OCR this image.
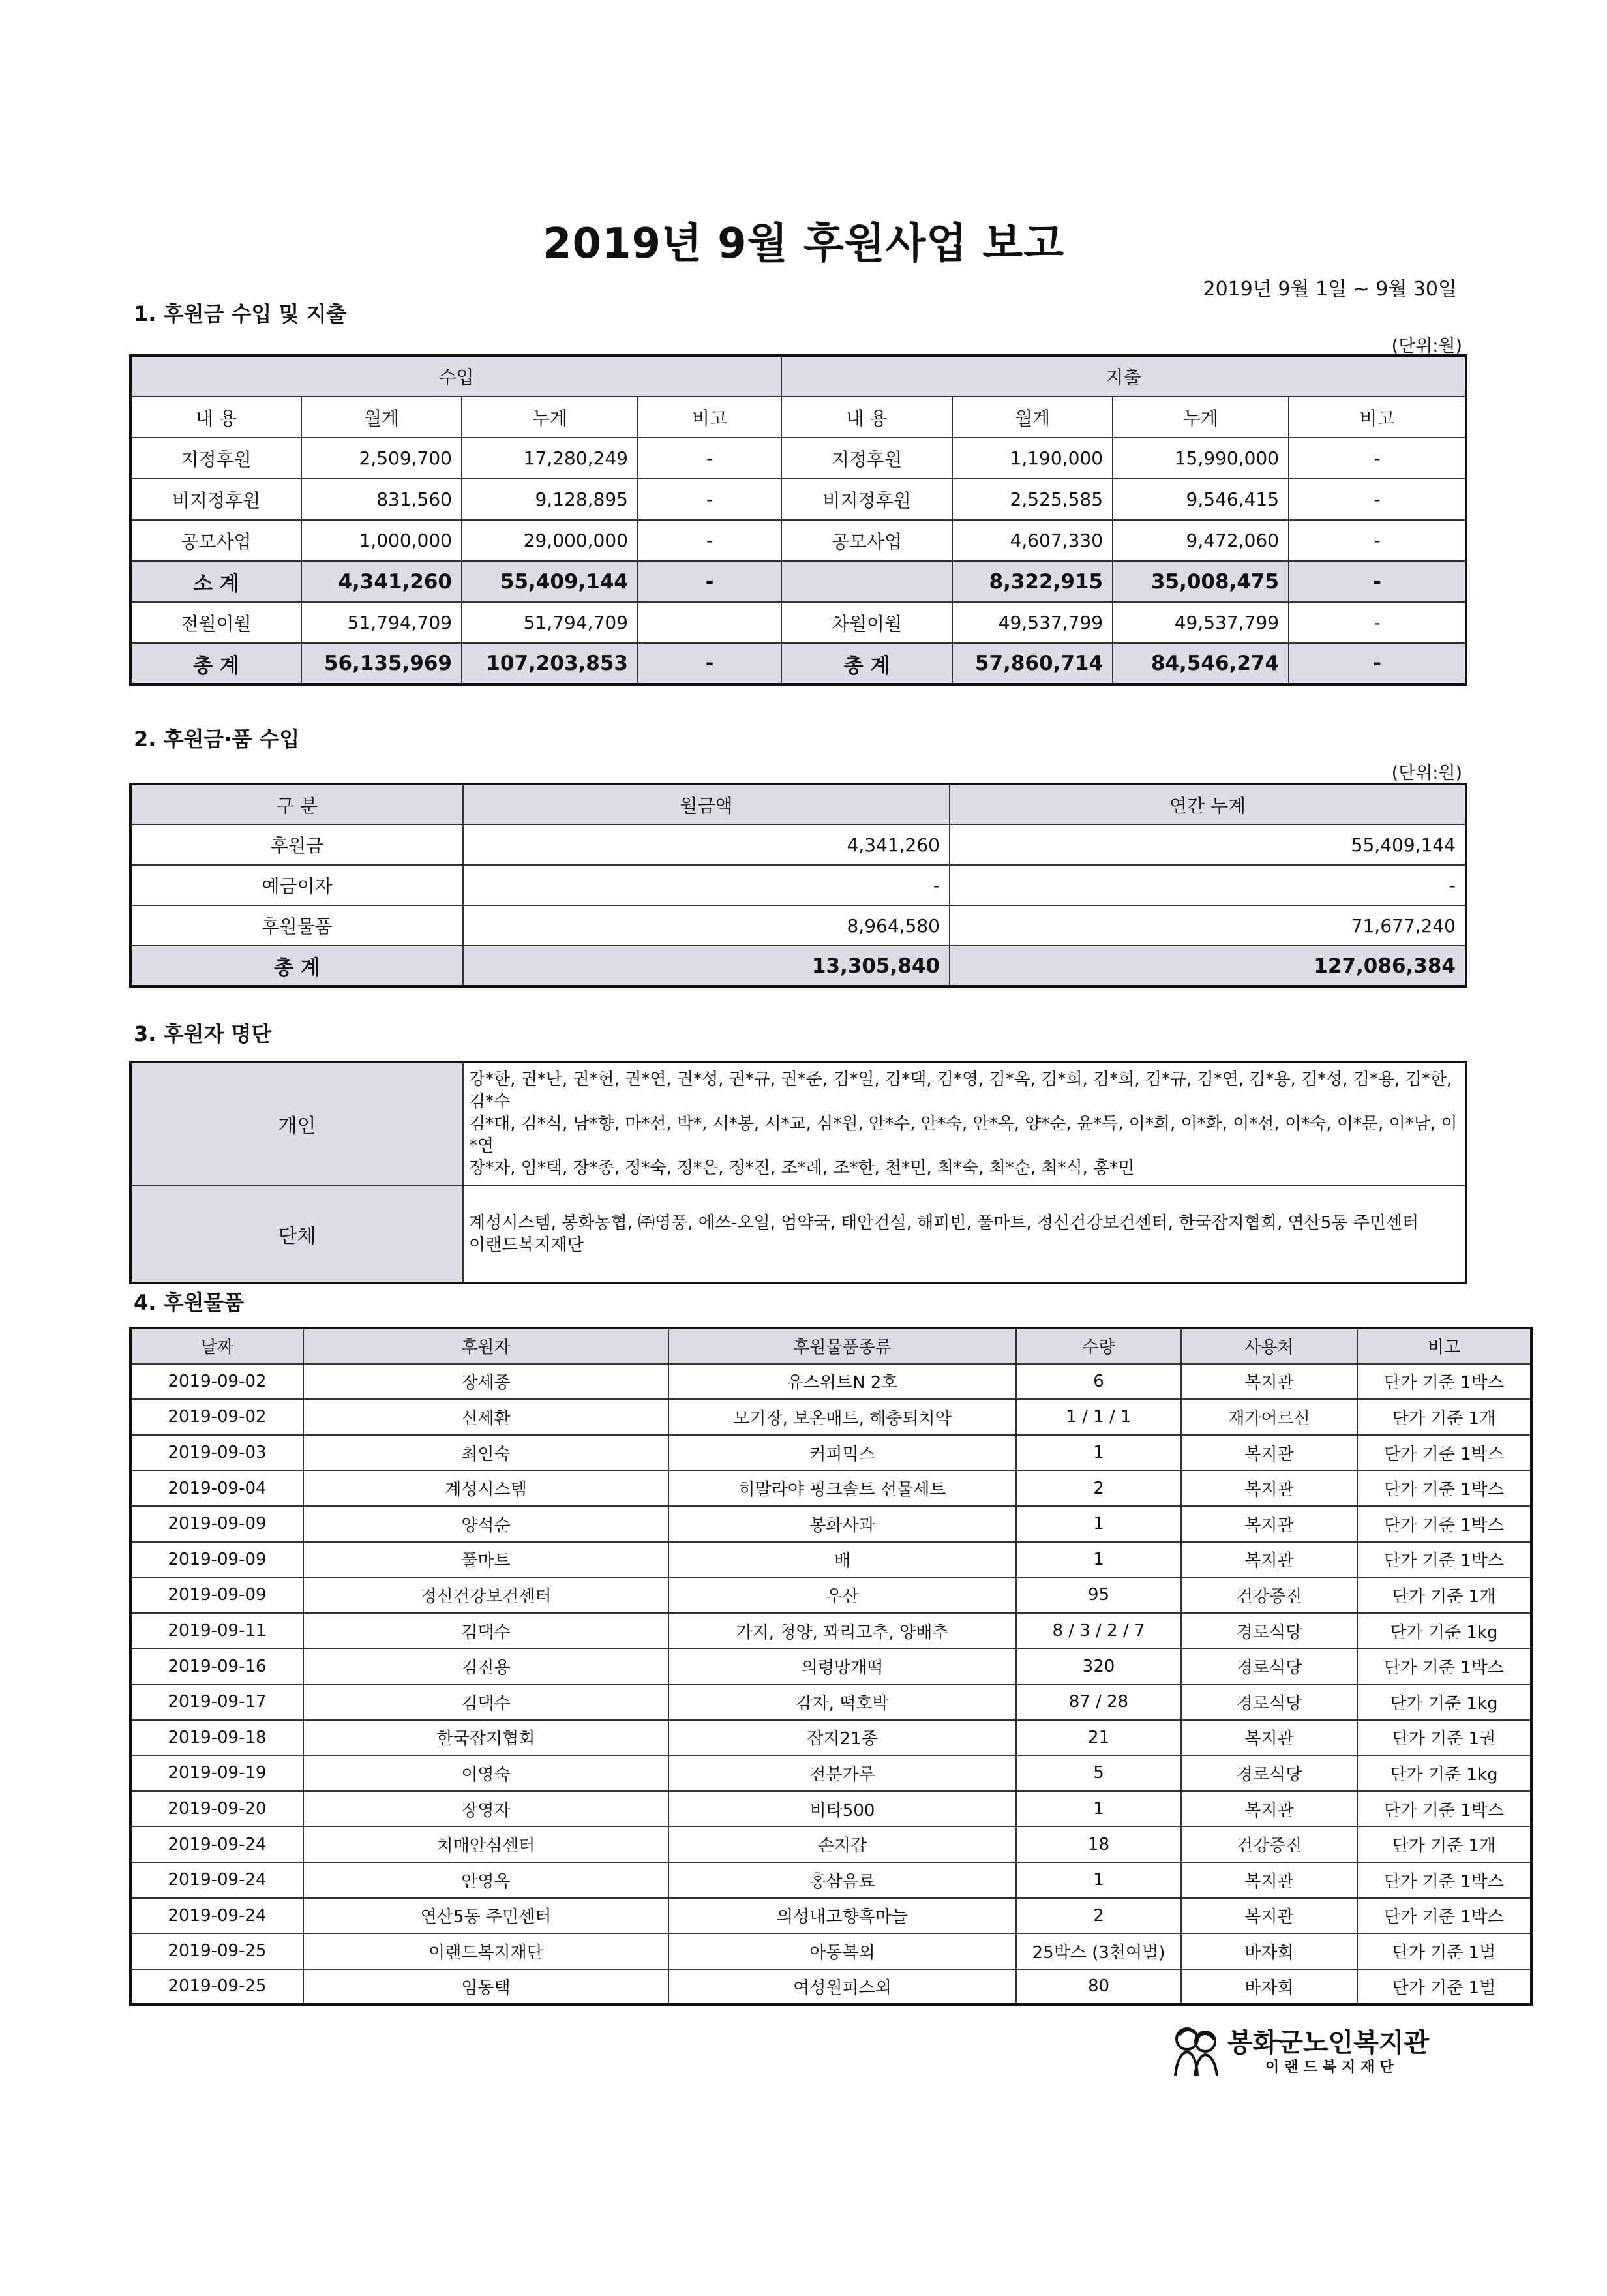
2019년 9월 후원사업 보고
2019년 9월 1일 ~ 9월 30일
1. 후원금 수입 및 지출
(단위:원)
수입				지출			
내 용	월계	누계	비고	내 용	월계	누계	비고
지정후원	2,509,700	17,280,249	-	지정후원	1,190,000	15,990,000	-
비지정후원	831,560	9,128,895	-	비지정후원	2,525,585	9,546,415	-
공모사업	1,000,000	29,000,000	-	공모사업	4,607,330	9,472,060	-
소 계	4,341,260	55,409,144	-		8,322,915	35,008,475	-
전월이월	51,794,709	51,794,709		차월이월	49,537,799	49,537,799	-
총 계	56,135,969	107,203,853	-	총 계	57,860,714	84,546,274	-
2. 후원금·품 수입
(단위:원)
구 분	월금액	연간 누계
후원금	4,341,260	55,409,144
예금이자	-	-
후원물품	8,964,580	71,677,240
총 계	13,305,840	127,086,384
3. 후원자 명단
개인	강*한, 권*난, 권*헌, 권*연, 권*성, 권*규, 권*준, 김*일, 김*택, 김*영, 김*옥, 김*희, 김*희, 김*규, 김*연, 김*용, 김*성, 김*용, 김*한, 김*수
김*대, 김*식, 남*향, 마*선, 박*, 서*봉, 서*교, 심*원, 안*수, 안*숙, 안*옥, 양*순, 윤*득, 이*희, 이*화, 이*선, 이*숙, 이*문, 이*남, 이*연
장*자, 임*택, 장*종, 정*숙, 정*은, 정*진, 조*례, 조*한, 천*민, 최*숙, 최*순, 최*식, 홍*민

단체	계성시스템, 봉화농협, ㈜영풍, 에쓰-오일, 엄약국, 태안건설, 해피빈, 풀마트, 정신건강보건센터, 한국잡지협회, 연산5동 주민센터
이랜드복지재단
4. 후원물품
날짜	후원자	후원물품종류	수량	사용처	비고
2019-09-02	장세종	유스위트N 2호	6	복지관	단가 기준 1박스
2019-09-02	신세환	모기장, 보온매트, 해충퇴치약	1 / 1 / 1	재가어르신	단가 기준 1개
2019-09-03	최인숙	커피믹스	1	복지관	단가 기준 1박스
2019-09-04	계성시스템	히말라야 핑크솔트 선물세트	2	복지관	단가 기준 1박스
2019-09-09	양석순	봉화사과	1	복지관	단가 기준 1박스
2019-09-09	풀마트	배	1	복지관	단가 기준 1박스
2019-09-09	정신건강보건센터	우산	95	건강증진	단가 기준 1개
2019-09-11	김택수	가지, 청양, 꽈리고추, 양배추	8 / 3 / 2 / 7	경로식당	단가 기준 1kg
2019-09-16	김진용	의령망개떡	320	경로식당	단가 기준 1박스
2019-09-17	김택수	감자, 떡호박	87 / 28	경로식당	단가 기준 1kg
2019-09-18	한국잡지협회	잡지21종	21	복지관	단가 기준 1권
2019-09-19	이영숙	전분가루	5	경로식당	단가 기준 1kg
2019-09-20	장영자	비타500	1	복지관	단가 기준 1박스
2019-09-24	치매안심센터	손지갑	18	건강증진	단가 기준 1개
2019-09-24	안영옥	홍삼음료	1	복지관	단가 기준 1박스
2019-09-24	연산5동 주민센터	의성내고향흑마늘	2	복지관	단가 기준 1박스
2019-09-25	이랜드복지재단	아동복외	25박스 (3천여벌)	바자회	단가 기준 1벌
2019-09-25	임동택	여성원피스외	80	바자회	단가 기준 1벌
봉화군노인복지관
이랜드복지재단
